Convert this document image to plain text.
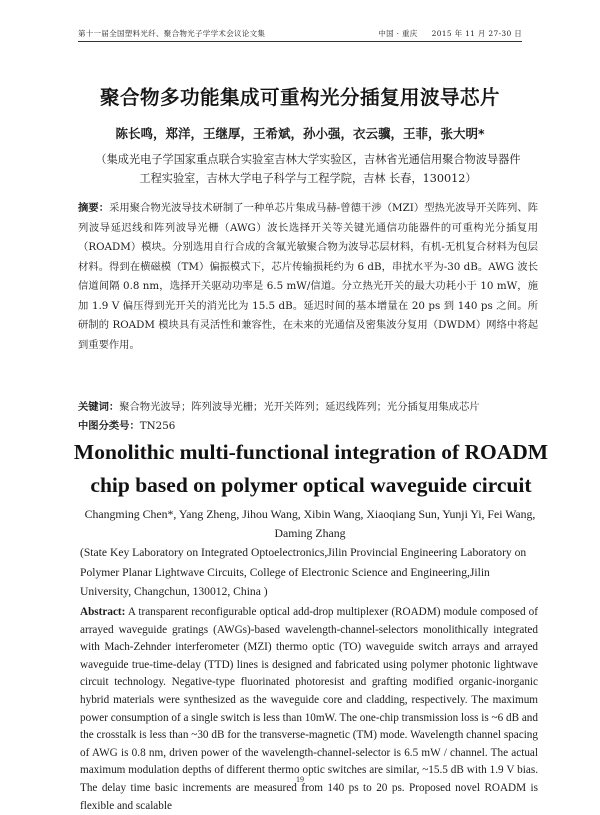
第十一届全国塑料光纤、聚合物光子学学术会议论文集	中国 · 重庆 2015 年 11 月 27-30 日
聚合物多功能集成可重构光分插复用波导芯片
陈长鸣，郑洋，王继厚，王希斌，孙小强，衣云骥，王菲，张大明*
（集成光电子学国家重点联合实验室吉林大学实验区，吉林省光通信用聚合物波导器件工程实验室，吉林大学电子科学与工程学院，吉林 长春，130012）
摘要：采用聚合物光波导技术研制了一种单芯片集成马赫-曾德干涉（MZI）型热光波导开关阵列、阵列波导延迟线和阵列波导光栅（AWG）波长选择开关等关键光通信功能器件的可重构光分插复用（ROADM）模块。分别选用自行合成的含氟光敏聚合物为波导芯层材料，有机-无机复合材料为包层材料。得到在横磁模（TM）偏振模式下，芯片传输损耗约为 6 dB，串扰水平为-30 dB。AWG 波长信道间隔 0.8 nm，选择开关驱动功率是 6.5 mW/信道。分立热光开关的最大功耗小于 10 mW，施加 1.9 V 偏压得到光开关的消光比为 15.5 dB。延迟时间的基本增量在 20 ps 到 140 ps 之间。所研制的 ROADM 模块具有灵活性和兼容性，在未来的光通信及密集波分复用（DWDM）网络中将起到重要作用。
关键词：聚合物光波导；阵列波导光栅；光开关阵列；延迟线阵列；光分插复用集成芯片
中图分类号：TN256
Monolithic multi-functional integration of ROADM chip based on polymer optical waveguide circuit
Changming Chen*, Yang Zheng, Jihou Wang, Xibin Wang, Xiaoqiang Sun, Yunji Yi, Fei Wang, Daming Zhang
(State Key Laboratory on Integrated Optoelectronics,Jilin Provincial Engineering Laboratory on Polymer Planar Lightwave Circuits, College of Electronic Science and Engineering,Jilin University, Changchun, 130012, China )
Abstract: A transparent reconfigurable optical add-drop multiplexer (ROADM) module composed of arrayed waveguide gratings (AWGs)-based wavelength-channel-selectors monolithically integrated with Mach-Zehnder interferometer (MZI) thermo optic (TO) waveguide switch arrays and arrayed waveguide true-time-delay (TTD) lines is designed and fabricated using polymer photonic lightwave circuit technology. Negative-type fluorinated photoresist and grafting modified organic-inorganic hybrid materials were synthesized as the waveguide core and cladding, respectively. The maximum power consumption of a single switch is less than 10mW. The one-chip transmission loss is ~6 dB and the crosstalk is less than ~30 dB for the transverse-magnetic (TM) mode. Wavelength channel spacing of AWG is 0.8 nm, driven power of the wavelength-channel-selector is 6.5 mW / channel. The actual maximum modulation depths of different thermo optic switches are similar, ~15.5 dB with 1.9 V bias. The delay time basic increments are measured from 140 ps to 20 ps. Proposed novel ROADM is flexible and scalable
19
